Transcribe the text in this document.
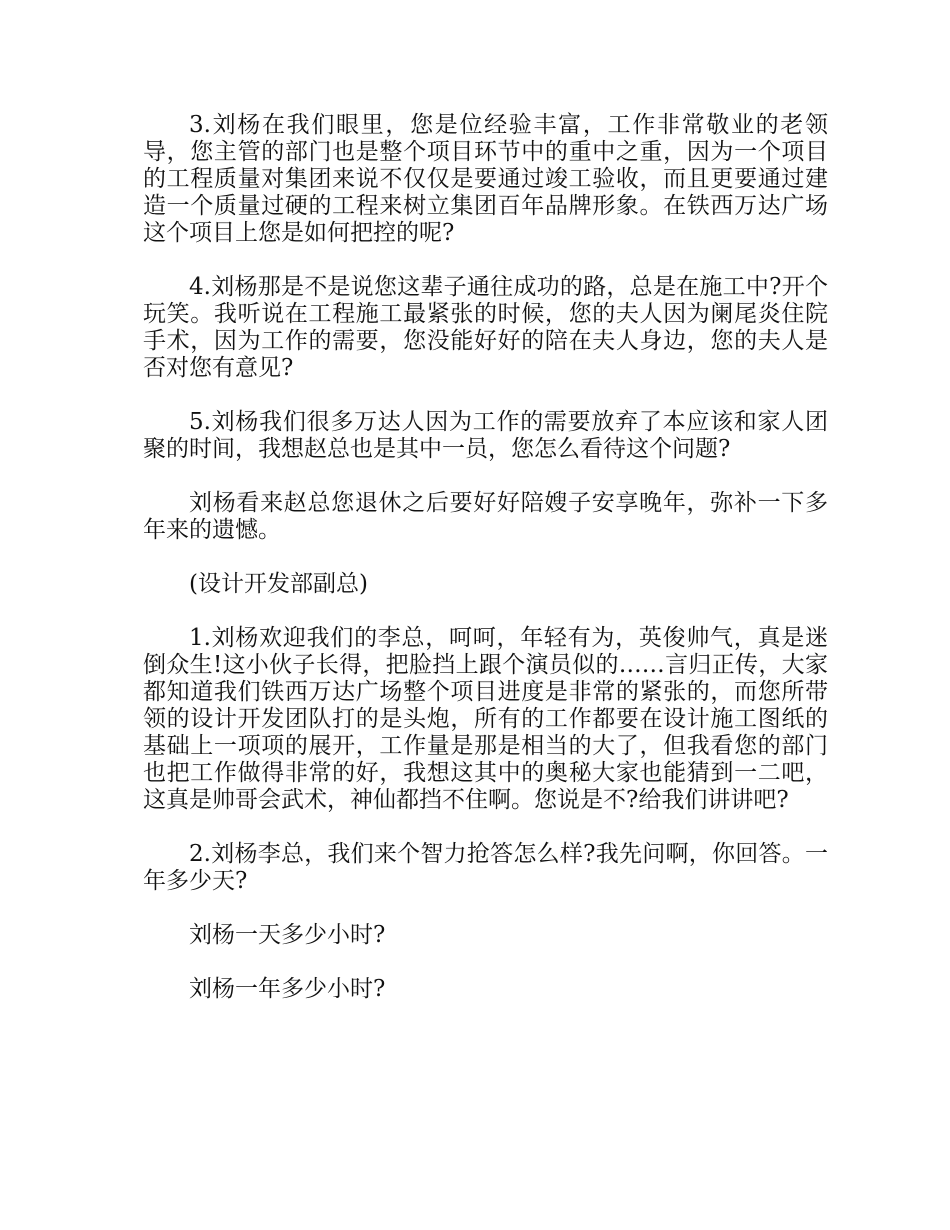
3.刘杨在我们眼里，您是位经验丰富，工作非常敬业的老领导，您主管的部门也是整个项目环节中的重中之重，因为一个项目的工程质量对集团来说不仅仅是要通过竣工验收，而且更要通过建造一个质量过硬的工程来树立集团百年品牌形象。在铁西万达广场这个项目上您是如何把控的呢?

4.刘杨那是不是说您这辈子通往成功的路，总是在施工中?开个玩笑。我听说在工程施工最紧张的时候，您的夫人因为阑尾炎住院手术，因为工作的需要，您没能好好的陪在夫人身边，您的夫人是否对您有意见?

5.刘杨我们很多万达人因为工作的需要放弃了本应该和家人团聚的时间，我想赵总也是其中一员，您怎么看待这个问题?

刘杨看来赵总您退休之后要好好陪嫂子安享晚年，弥补一下多年来的遗憾。

(设计开发部副总)

1.刘杨欢迎我们的李总，呵呵，年轻有为，英俊帅气，真是迷倒众生!这小伙子长得，把脸挡上跟个演员似的……言归正传，大家都知道我们铁西万达广场整个项目进度是非常的紧张的，而您所带领的设计开发团队打的是头炮，所有的工作都要在设计施工图纸的基础上一项项的展开，工作量是那是相当的大了，但我看您的部门也把工作做得非常的好，我想这其中的奥秘大家也能猜到一二吧，这真是帅哥会武术，神仙都挡不住啊。您说是不?给我们讲讲吧?

2.刘杨李总，我们来个智力抢答怎么样?我先问啊，你回答。一年多少天?

刘杨一天多少小时?

刘杨一年多少小时?
